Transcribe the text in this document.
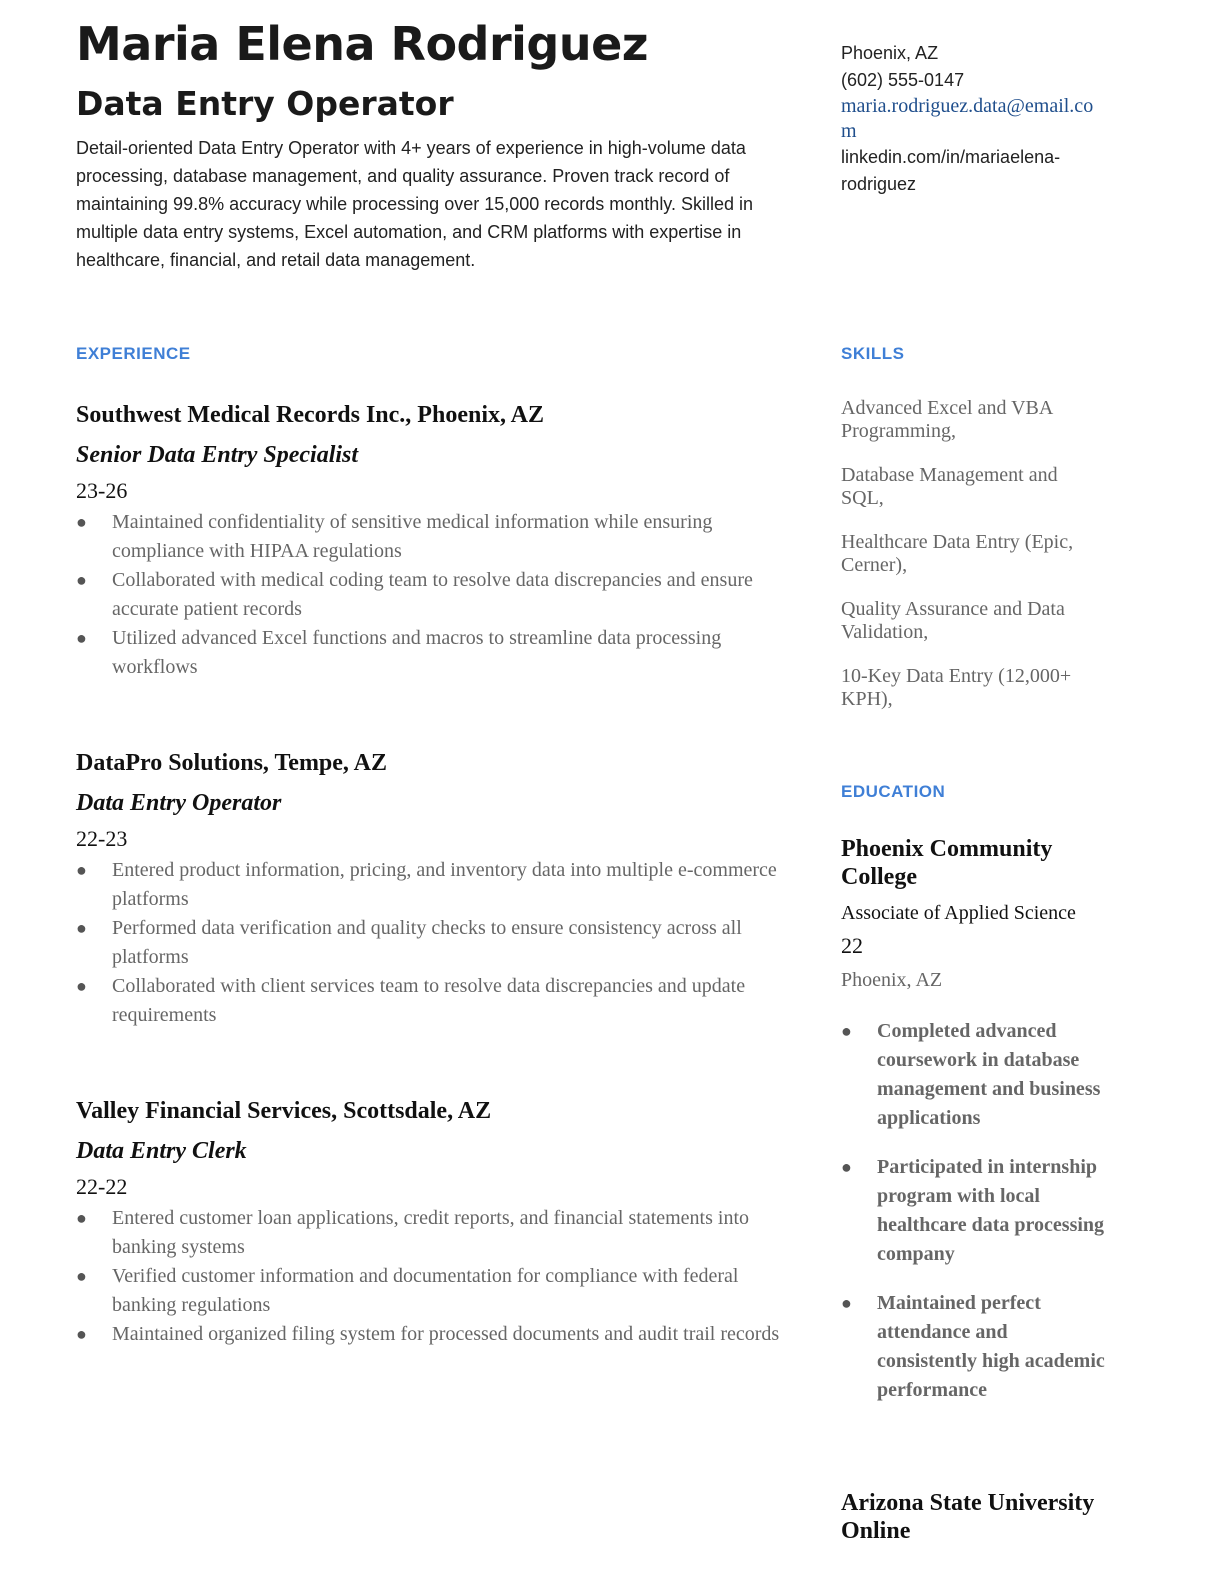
Maria Elena Rodriguez
Data Entry Operator

Detail-oriented Data Entry Operator with 4+ years of experience in high-volume data processing, database management, and quality assurance. Proven track record of maintaining 99.8% accuracy while processing over 15,000 records monthly. Skilled in multiple data entry systems, Excel automation, and CRM platforms with expertise in healthcare, financial, and retail data management.

Phoenix, AZ

(602) 555-0147

maria.rodriguez.data@email.com

linkedin.com/in/mariaelena-
rodriguez

EXPERIENCE	SKILLS
Southwest Medical Records Inc., Phoenix, AZ
Senior Data Entry Specialist
23-26
● Maintained confidentiality of sensitive medical information while ensuring compliance with HIPAA regulations
● Collaborated with medical coding team to resolve data discrepancies and ensure accurate patient records
● Utilized advanced Excel functions and macros to streamline data processing workflows
DataPro Solutions, Tempe, AZ
Data Entry Operator
22-23
● Entered product information, pricing, and inventory data into multiple e-commerce platforms
● Performed data verification and quality checks to ensure consistency across all platforms
● Collaborated with client services team to resolve data discrepancies and update requirements
Valley Financial Services, Scottsdale, AZ
Data Entry Clerk
22-22
● Entered customer loan applications, credit reports, and financial statements into banking systems
● Verified customer information and documentation for compliance with federal banking regulations
● Maintained organized filing system for processed documents and audit trail records

Advanced Excel and VBA Programming,

Database Management and SQL,

Healthcare Data Entry (Epic, Cerner),

Quality Assurance and Data Validation,

10-Key Data Entry (12,000+ KPH),

EDUCATION
Phoenix Community College
Associate of Applied Science
22
Phoenix, AZ
● Completed advanced coursework in database management and business applications
● Participated in internship program with local healthcare data processing company
● Maintained perfect attendance and consistently high academic performance
Arizona State University Online
